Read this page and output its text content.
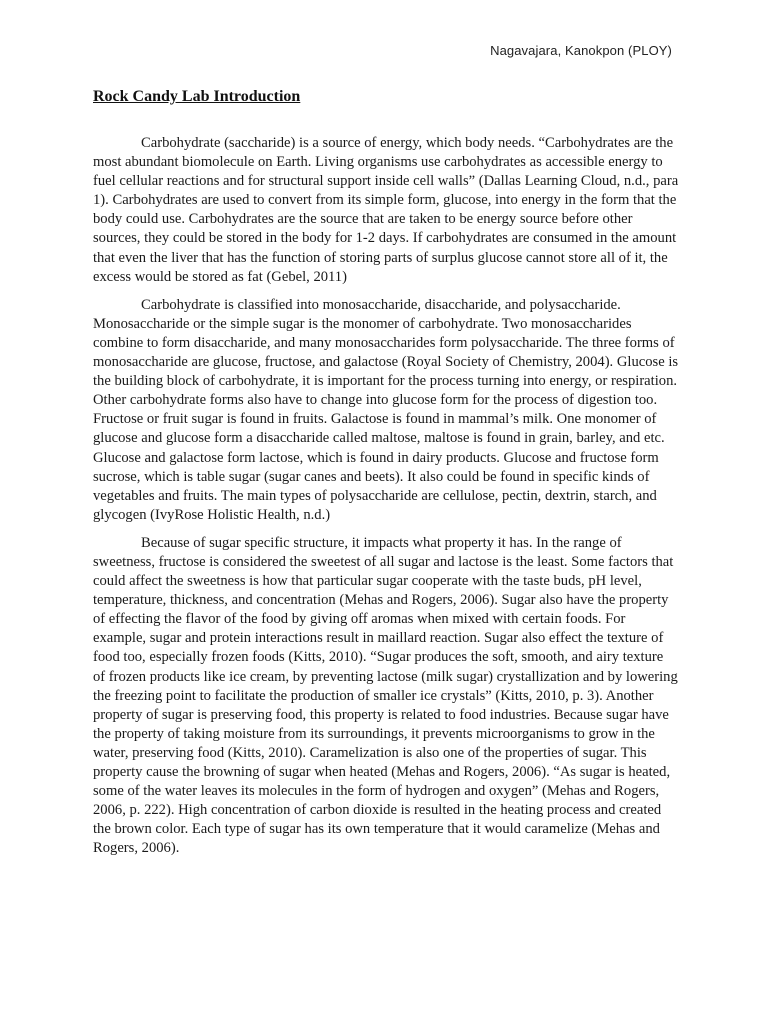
Nagavajara, Kanokpon (PLOY)
Rock Candy Lab Introduction

Carbohydrate (saccharide) is a source of energy, which body needs. “Carbohydrates are the most abundant biomolecule on Earth. Living organisms use carbohydrates as accessible energy to fuel cellular reactions and for structural support inside cell walls” (Dallas Learning Cloud, n.d., para 1). Carbohydrates are used to convert from its simple form, glucose, into energy in the form that the body could use. Carbohydrates are the source that are taken to be energy source before other sources, they could be stored in the body for 1-2 days. If carbohydrates are consumed in the amount that even the liver that has the function of storing parts of surplus glucose cannot store all of it, the excess would be stored as fat (Gebel, 2011)

Carbohydrate is classified into monosaccharide, disaccharide, and polysaccharide. Monosaccharide or the simple sugar is the monomer of carbohydrate. Two monosaccharides combine to form disaccharide, and many monosaccharides form polysaccharide. The three forms of monosaccharide are glucose, fructose, and galactose (Royal Society of Chemistry, 2004). Glucose is the building block of carbohydrate, it is important for the process turning into energy, or respiration. Other carbohydrate forms also have to change into glucose form for the process of digestion too. Fructose or fruit sugar is found in fruits. Galactose is found in mammal’s milk. One monomer of glucose and glucose form a disaccharide called maltose, maltose is found in grain, barley, and etc. Glucose and galactose form lactose, which is found in dairy products. Glucose and fructose form sucrose, which is table sugar (sugar canes and beets). It also could be found in specific kinds of vegetables and fruits. The main types of polysaccharide are cellulose, pectin, dextrin, starch, and glycogen (IvyRose Holistic Health, n.d.)

Because of sugar specific structure, it impacts what property it has. In the range of sweetness, fructose is considered the sweetest of all sugar and lactose is the least. Some factors that could affect the sweetness is how that particular sugar cooperate with the taste buds, pH level, temperature, thickness, and concentration (Mehas and Rogers, 2006). Sugar also have the property of effecting the flavor of the food by giving off aromas when mixed with certain foods. For example, sugar and protein interactions result in maillard reaction. Sugar also effect the texture of food too, especially frozen foods (Kitts, 2010). “Sugar produces the soft, smooth, and airy texture of frozen products like ice cream, by preventing lactose (milk sugar) crystallization and by lowering the freezing point to facilitate the production of smaller ice crystals” (Kitts, 2010, p. 3). Another property of sugar is preserving food, this property is related to food industries. Because sugar have the property of taking moisture from its surroundings, it prevents microorganisms to grow in the water, preserving food (Kitts, 2010). Caramelization is also one of the properties of sugar. This property cause the browning of sugar when heated (Mehas and Rogers, 2006). “As sugar is heated, some of the water leaves its molecules in the form of hydrogen and oxygen” (Mehas and Rogers, 2006, p. 222). High concentration of carbon dioxide is resulted in the heating process and created the brown color. Each type of sugar has its own temperature that it would caramelize (Mehas and Rogers, 2006).
